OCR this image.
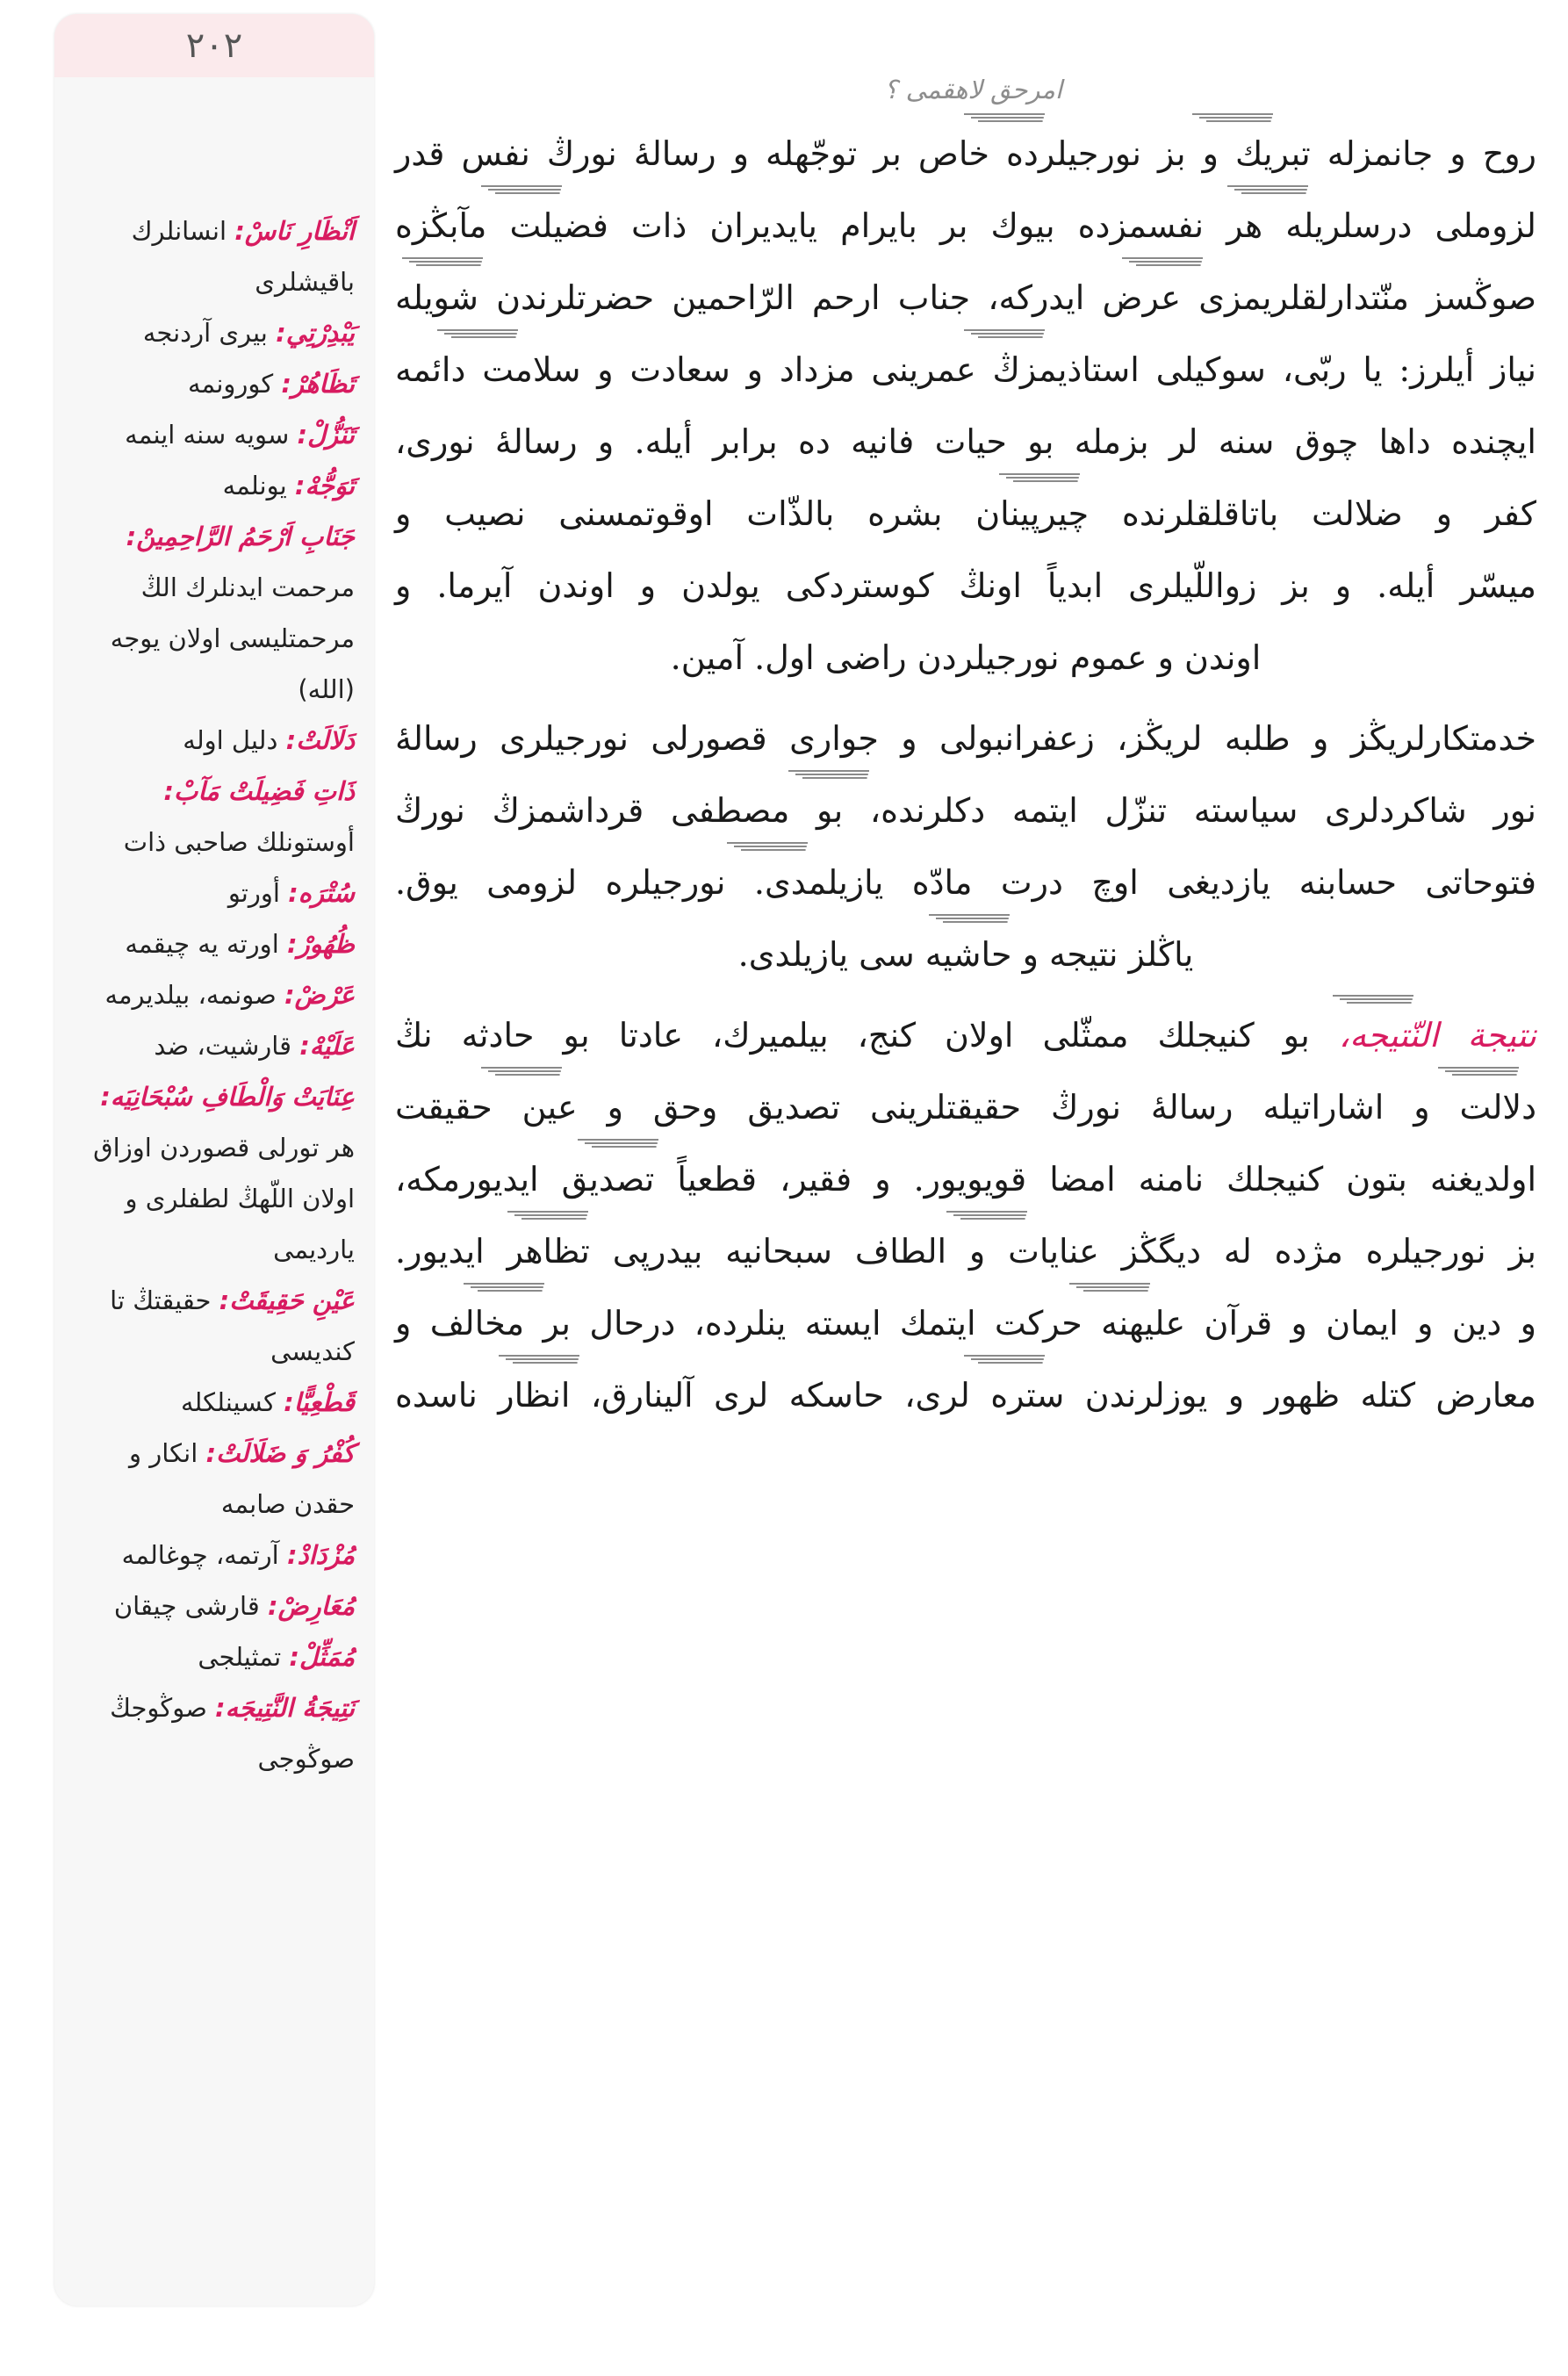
٢٠٢
اَنْظَارِ نَاسْ: انسانلرك باقيشلرى
يَبْدِرْتِي: بيرى آردنجه
تَظَاهُرْ: كورونمه
تَنَزُّلْ: سويه سنه اينمه
تَوَجُّهْ: يونلمه
جَنَابِ اَرْحَمُ الرَّاحِمِينْ: مرحمت ايدنلرك الڭ مرحمتليسى اولان يوجه (الله)
دَلَالَتْ: دليل اوله
ذَاتِ فَضِيلَتْ مَآبْ: أوستونلك صاحبى ذات
سُتْرَه: أورتو
ظُهُورْ: اورته يه چيقمه
عَرْضْ: صونمه، بيلديرمه
عَلَيْهْ: قارشيت، ضد
عِنَايَتْ وَالْطَافِ سُبْحَانِيَه: هر تورلى قصوردن اوزاق اولان اللّهڭ لطفلرى و يارديمى
عَيْنِ حَقِيقَتْ: حقيقتڭ تا كنديسى
قَطْعِيًّا: كسينلكله
كُفْرُ وَ ضَلَالَتْ: انكار و حقدن صابمه
مُزْدَادْ: آرتمه، چوغالمه
مُعَارِضْ: قارشى چيقان
مُمَثِّلْ: تمثيلجى
نَتِيجَةُ النَّتِيجَه: صوڭوجڭ صوڭوجى
امرحق لاهقمى ؟
روح و جانمزله تبريك و بز نورجيلرده خاص بر توجّهله و رسالهٔ نورڭ نفس قدر
لزوملى درسلريله هر نفسمزده بيوك بر بايرام يايديران ذات فضيلت مآبڭزه
صوڭسز منّتدارلقلريمزى عرض ايدركه، جناب ارحم الرّاحمين حضرتلرندن شويله
نياز أيلرز: يا ربّى، سوكيلى استاذيمزڭ عمرينى مزداد و سعادت و سلامت دائمه
ايچنده داها چوق سنه لر بزمله بو حيات فانيه ده برابر أيله. و رسالهٔ نورى،
كفر و ضلالت باتاقلقلرنده چيرپينان بشره بالذّات اوقوتمسنى نصيب و
ميسّر أيله. و بز زواللّيلرى ابدياً اونڭ كوستردكى يولدن و اوندن آيرما. و
اوندن و عموم نورجيلردن راضى اول. آمين.
خدمتكارلريڭز و طلبه لريڭز، زعفرانبولى و جوارى قصورلى نورجيلرى رسالهٔ
نور شاكردلرى سياسته تنزّل ايتمه دكلرنده، بو مصطفى قرداشمزڭ نورڭ
فتوحاتى حسابنه يازديغى اوچ درت مادّه يازيلمدى. نورجيلره لزومى يوق.
ياڭلز نتيجه و حاشيه سى يازيلدى.
نتيجة النّتيجه، بو كنيجلك ممثّلى اولان كنج، بيلميرك، عادتا بو حادثه نڭ
دلالت و اشاراتيله رسالهٔ نورڭ حقيقتلرينى تصديق وحق و عين حقيقت
اولديغنه بتون كنيجلك نامنه امضا قويويور. و فقير، قطعياً تصديق ايديورمكه،
بز نورجيلره مژده له ديگڭز عنايات و الطاف سبحانيه بيدرپى تظاهر ايديور.
و دين و ايمان و قرآن عليهنه حركت ايتمك ايسته ينلرده، درحال بر مخالف و
معارض كتله ظهور و يوزلرندن ستره لرى، حاسكه لرى آلينارق، انظار ناسده
